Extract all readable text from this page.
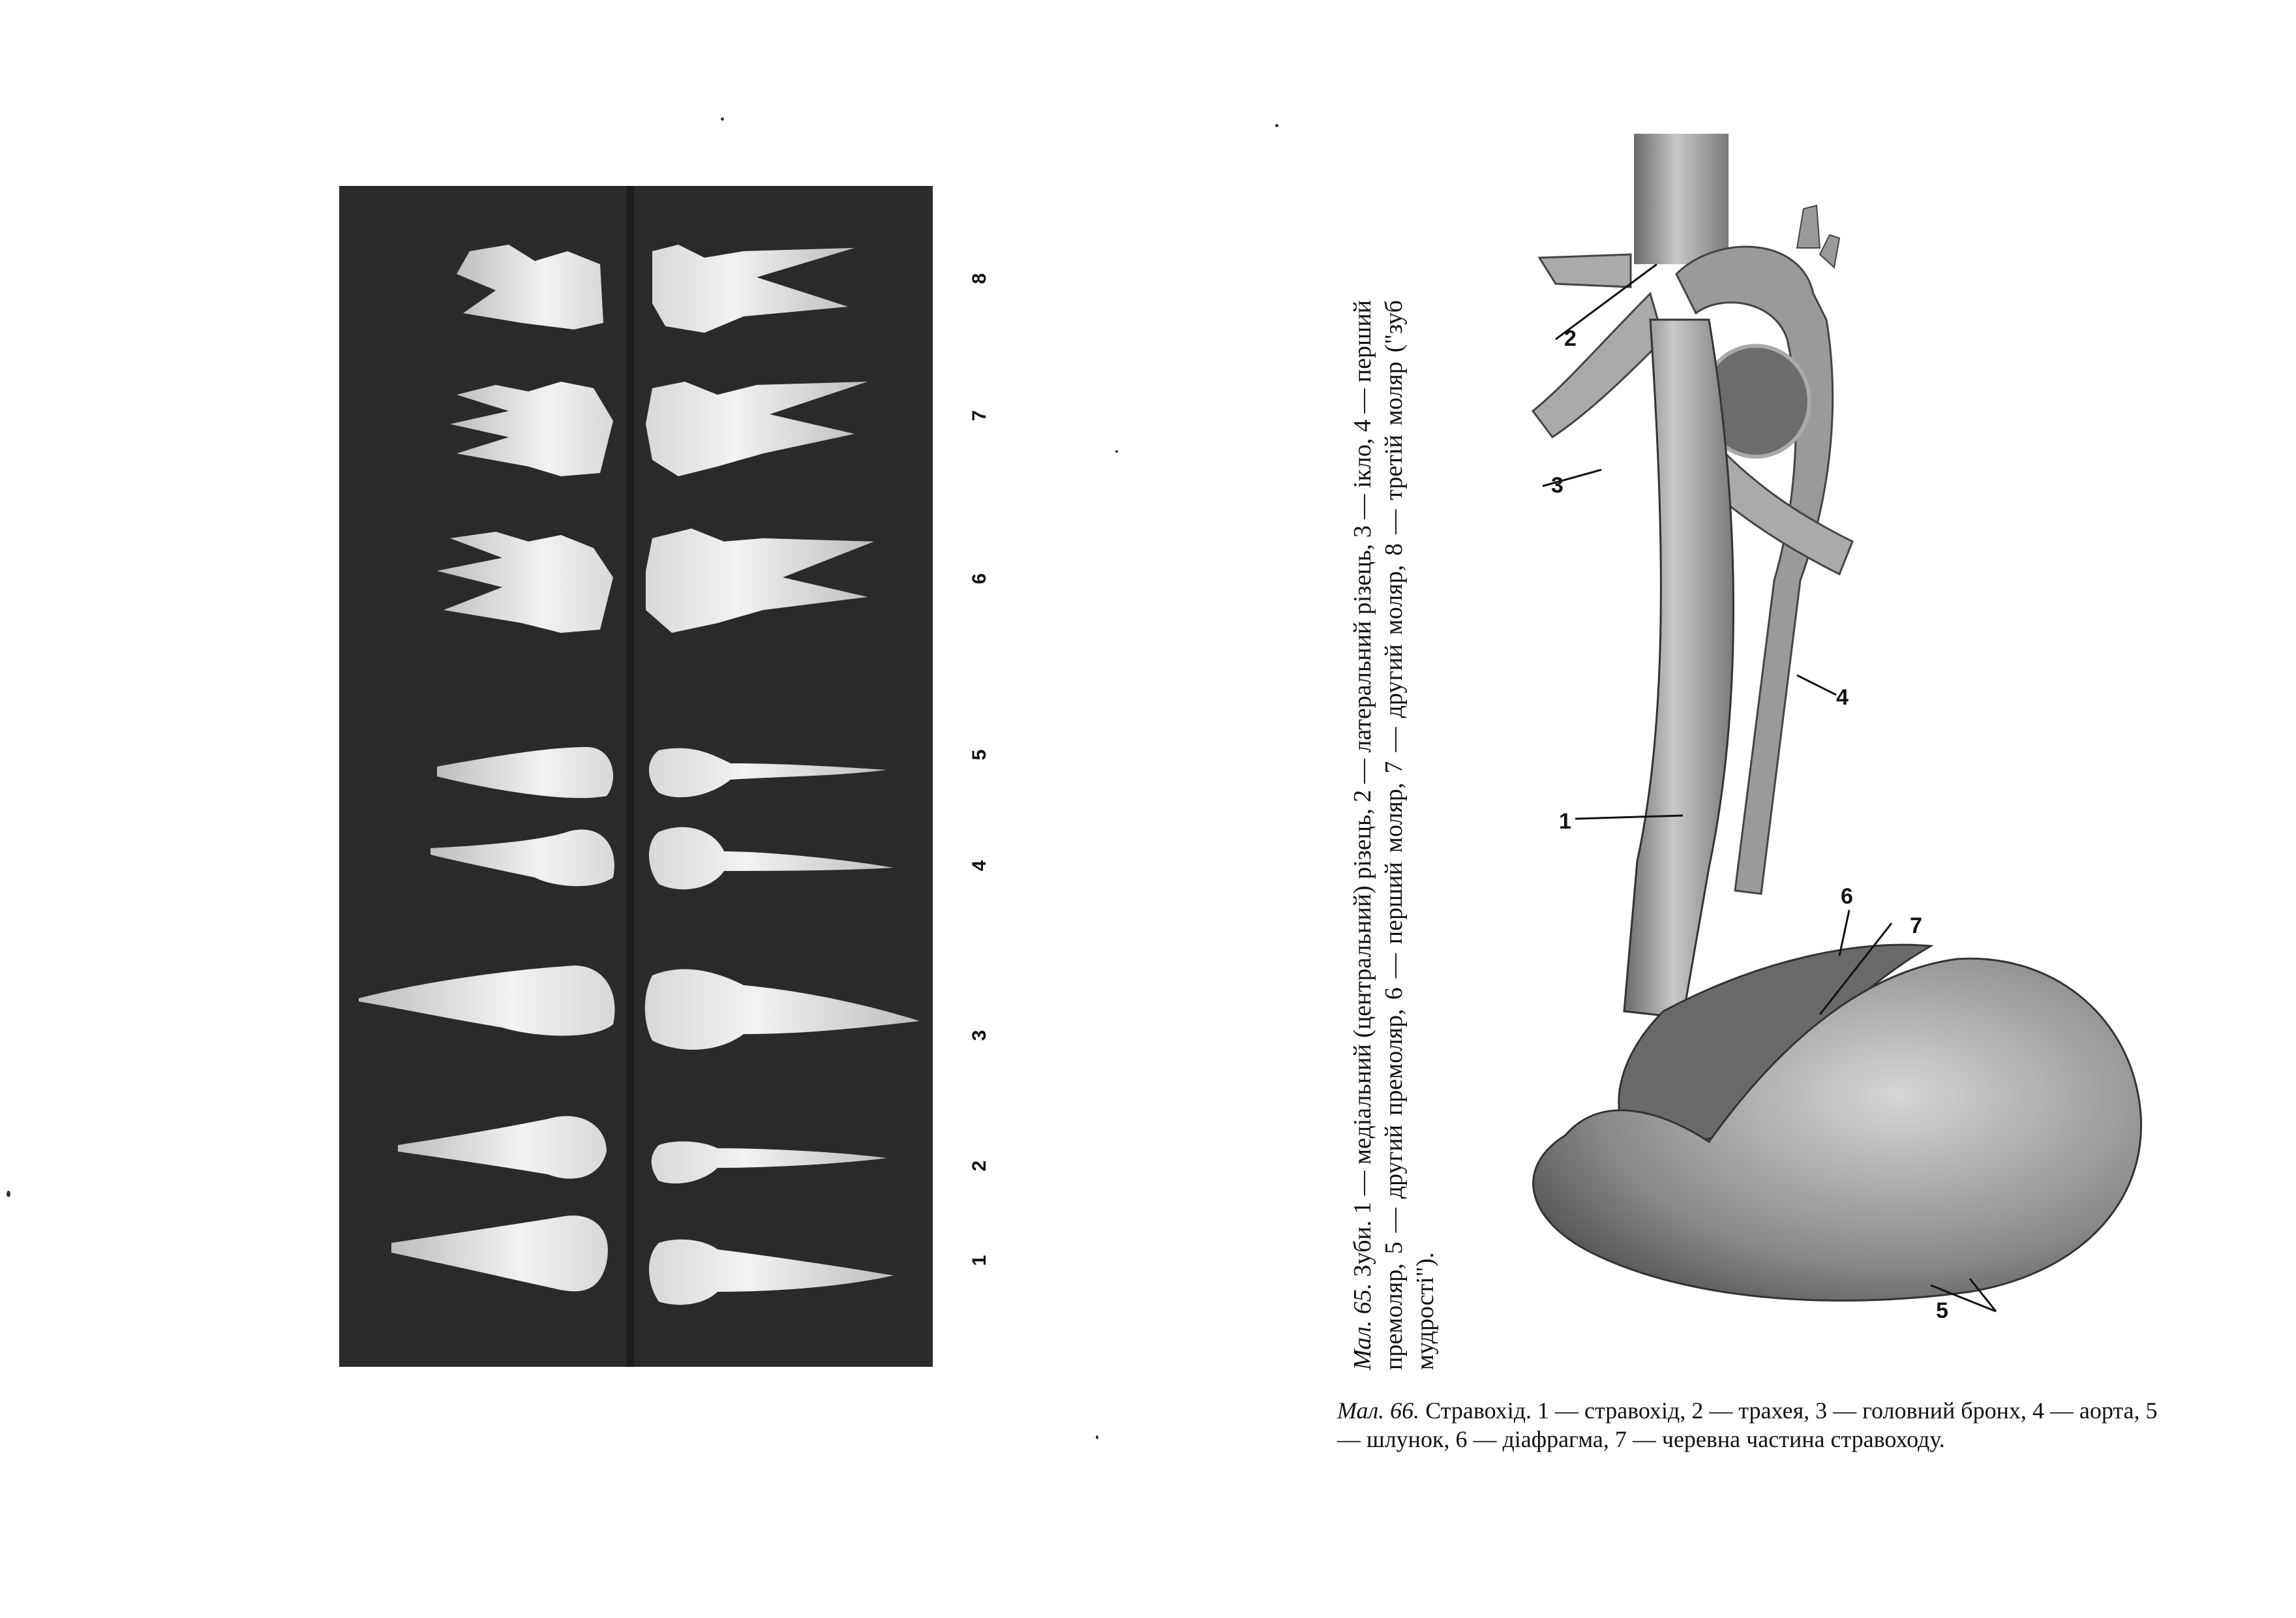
8
7
6
5
4
3
2
1
Мал. 65. Зуби. 1 — медіальний (центральний) різець, 2 — латеральний різець, 3 — ікло, 4 — перший премоляр, 5 — другий премоляр, 6 — перший моляр, 7 — другий моляр, 8 — третій моляр ("зуб мудрості").
2
3
4
1
6
7
5
Мал. 66. Стравохід. 1 — стравохід, 2 — трахея, 3 — головний бронх, 4 — аорта, 5 — шлунок, 6 — діафрагма, 7 — черевна частина стравоходу.
